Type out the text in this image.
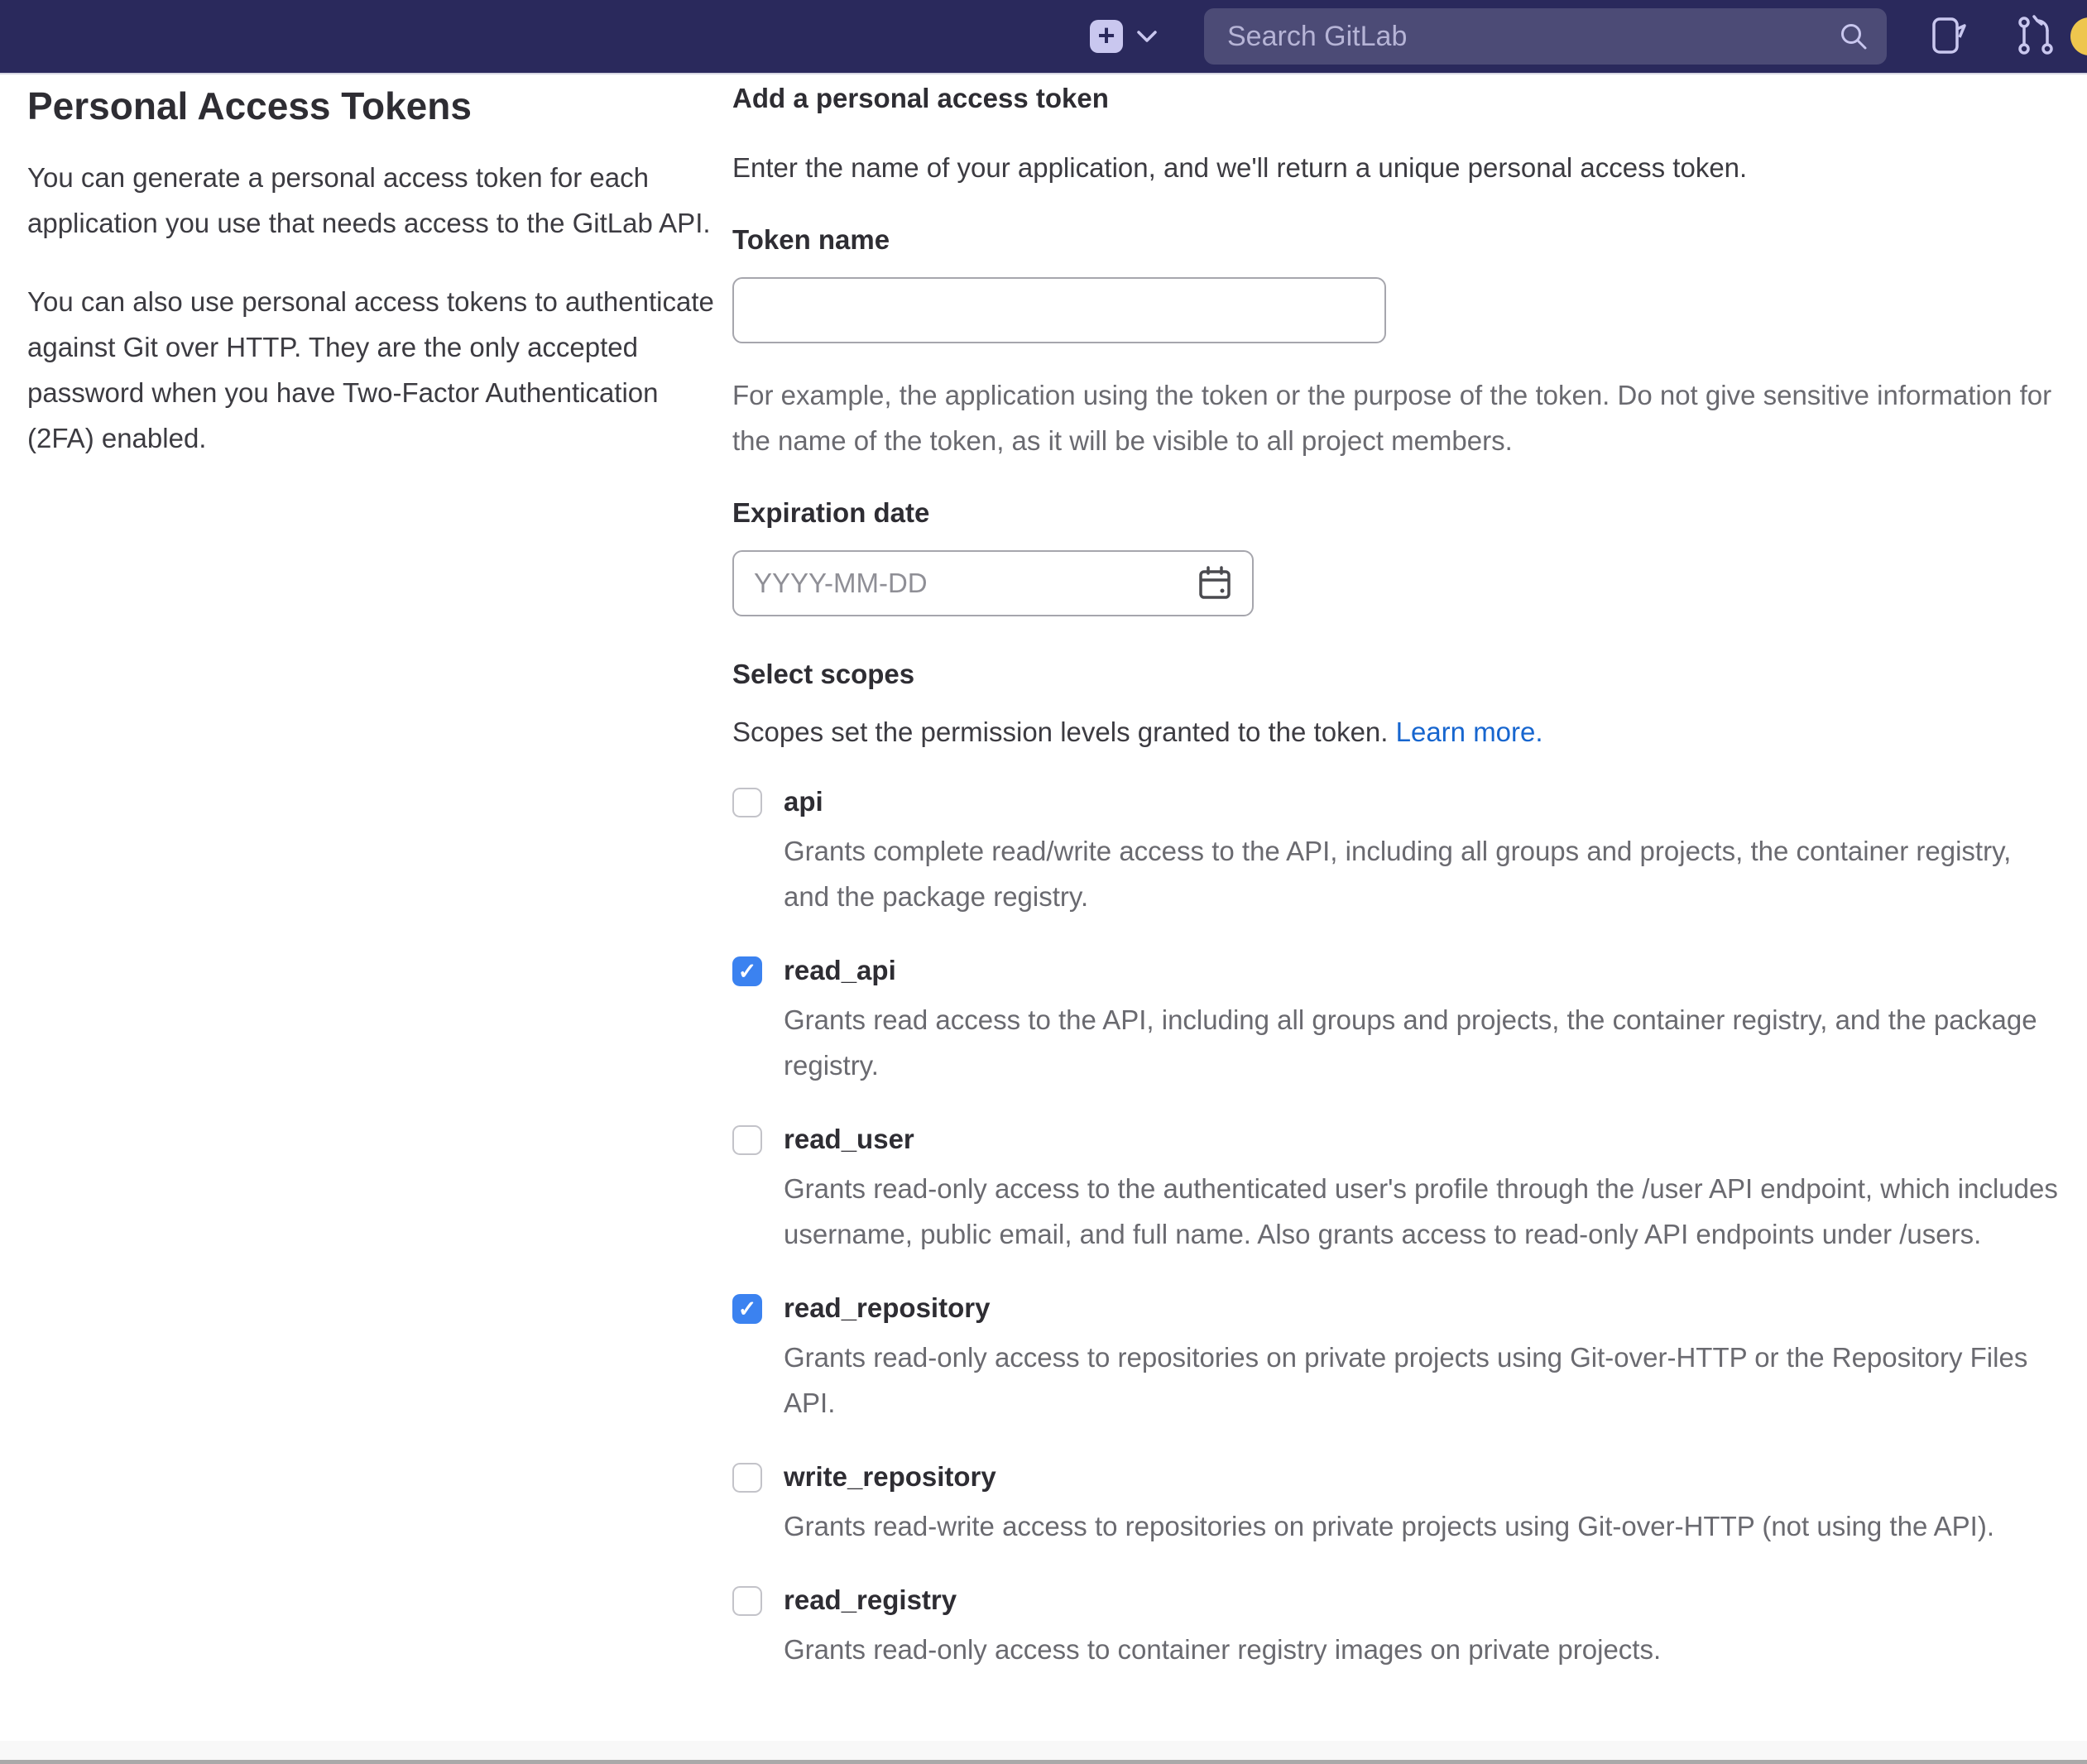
+
Search GitLab
Personal Access Tokens

You can generate a personal access token for each application you use that needs access to the GitLab API.

You can also use personal access tokens to authenticate against Git over HTTP. They are the only accepted password when you have Two-Factor Authentication (2FA) enabled.

Add a personal access token

Enter the name of your application, and we'll return a unique personal access token.

Token name

For example, the application using the token or the purpose of the token. Do not give sensitive information for the name of the token, as it will be visible to all project members.

Expiration date
YYYY-MM-DD
Select scopes

Scopes set the permission levels granted to the token. Learn more.

api
Grants complete read/write access to the API, including all groups and projects, the container registry, and the package registry.
✓
read_api
Grants read access to the API, including all groups and projects, the container registry, and the package registry.
read_user
Grants read-only access to the authenticated user's profile through the /user API endpoint, which includes username, public email, and full name. Also grants access to read-only API endpoints under /users.
✓
read_repository
Grants read-only access to repositories on private projects using Git-over-HTTP or the Repository Files API.
write_repository
Grants read-write access to repositories on private projects using Git-over-HTTP (not using the API).
read_registry
Grants read-only access to container registry images on private projects.
